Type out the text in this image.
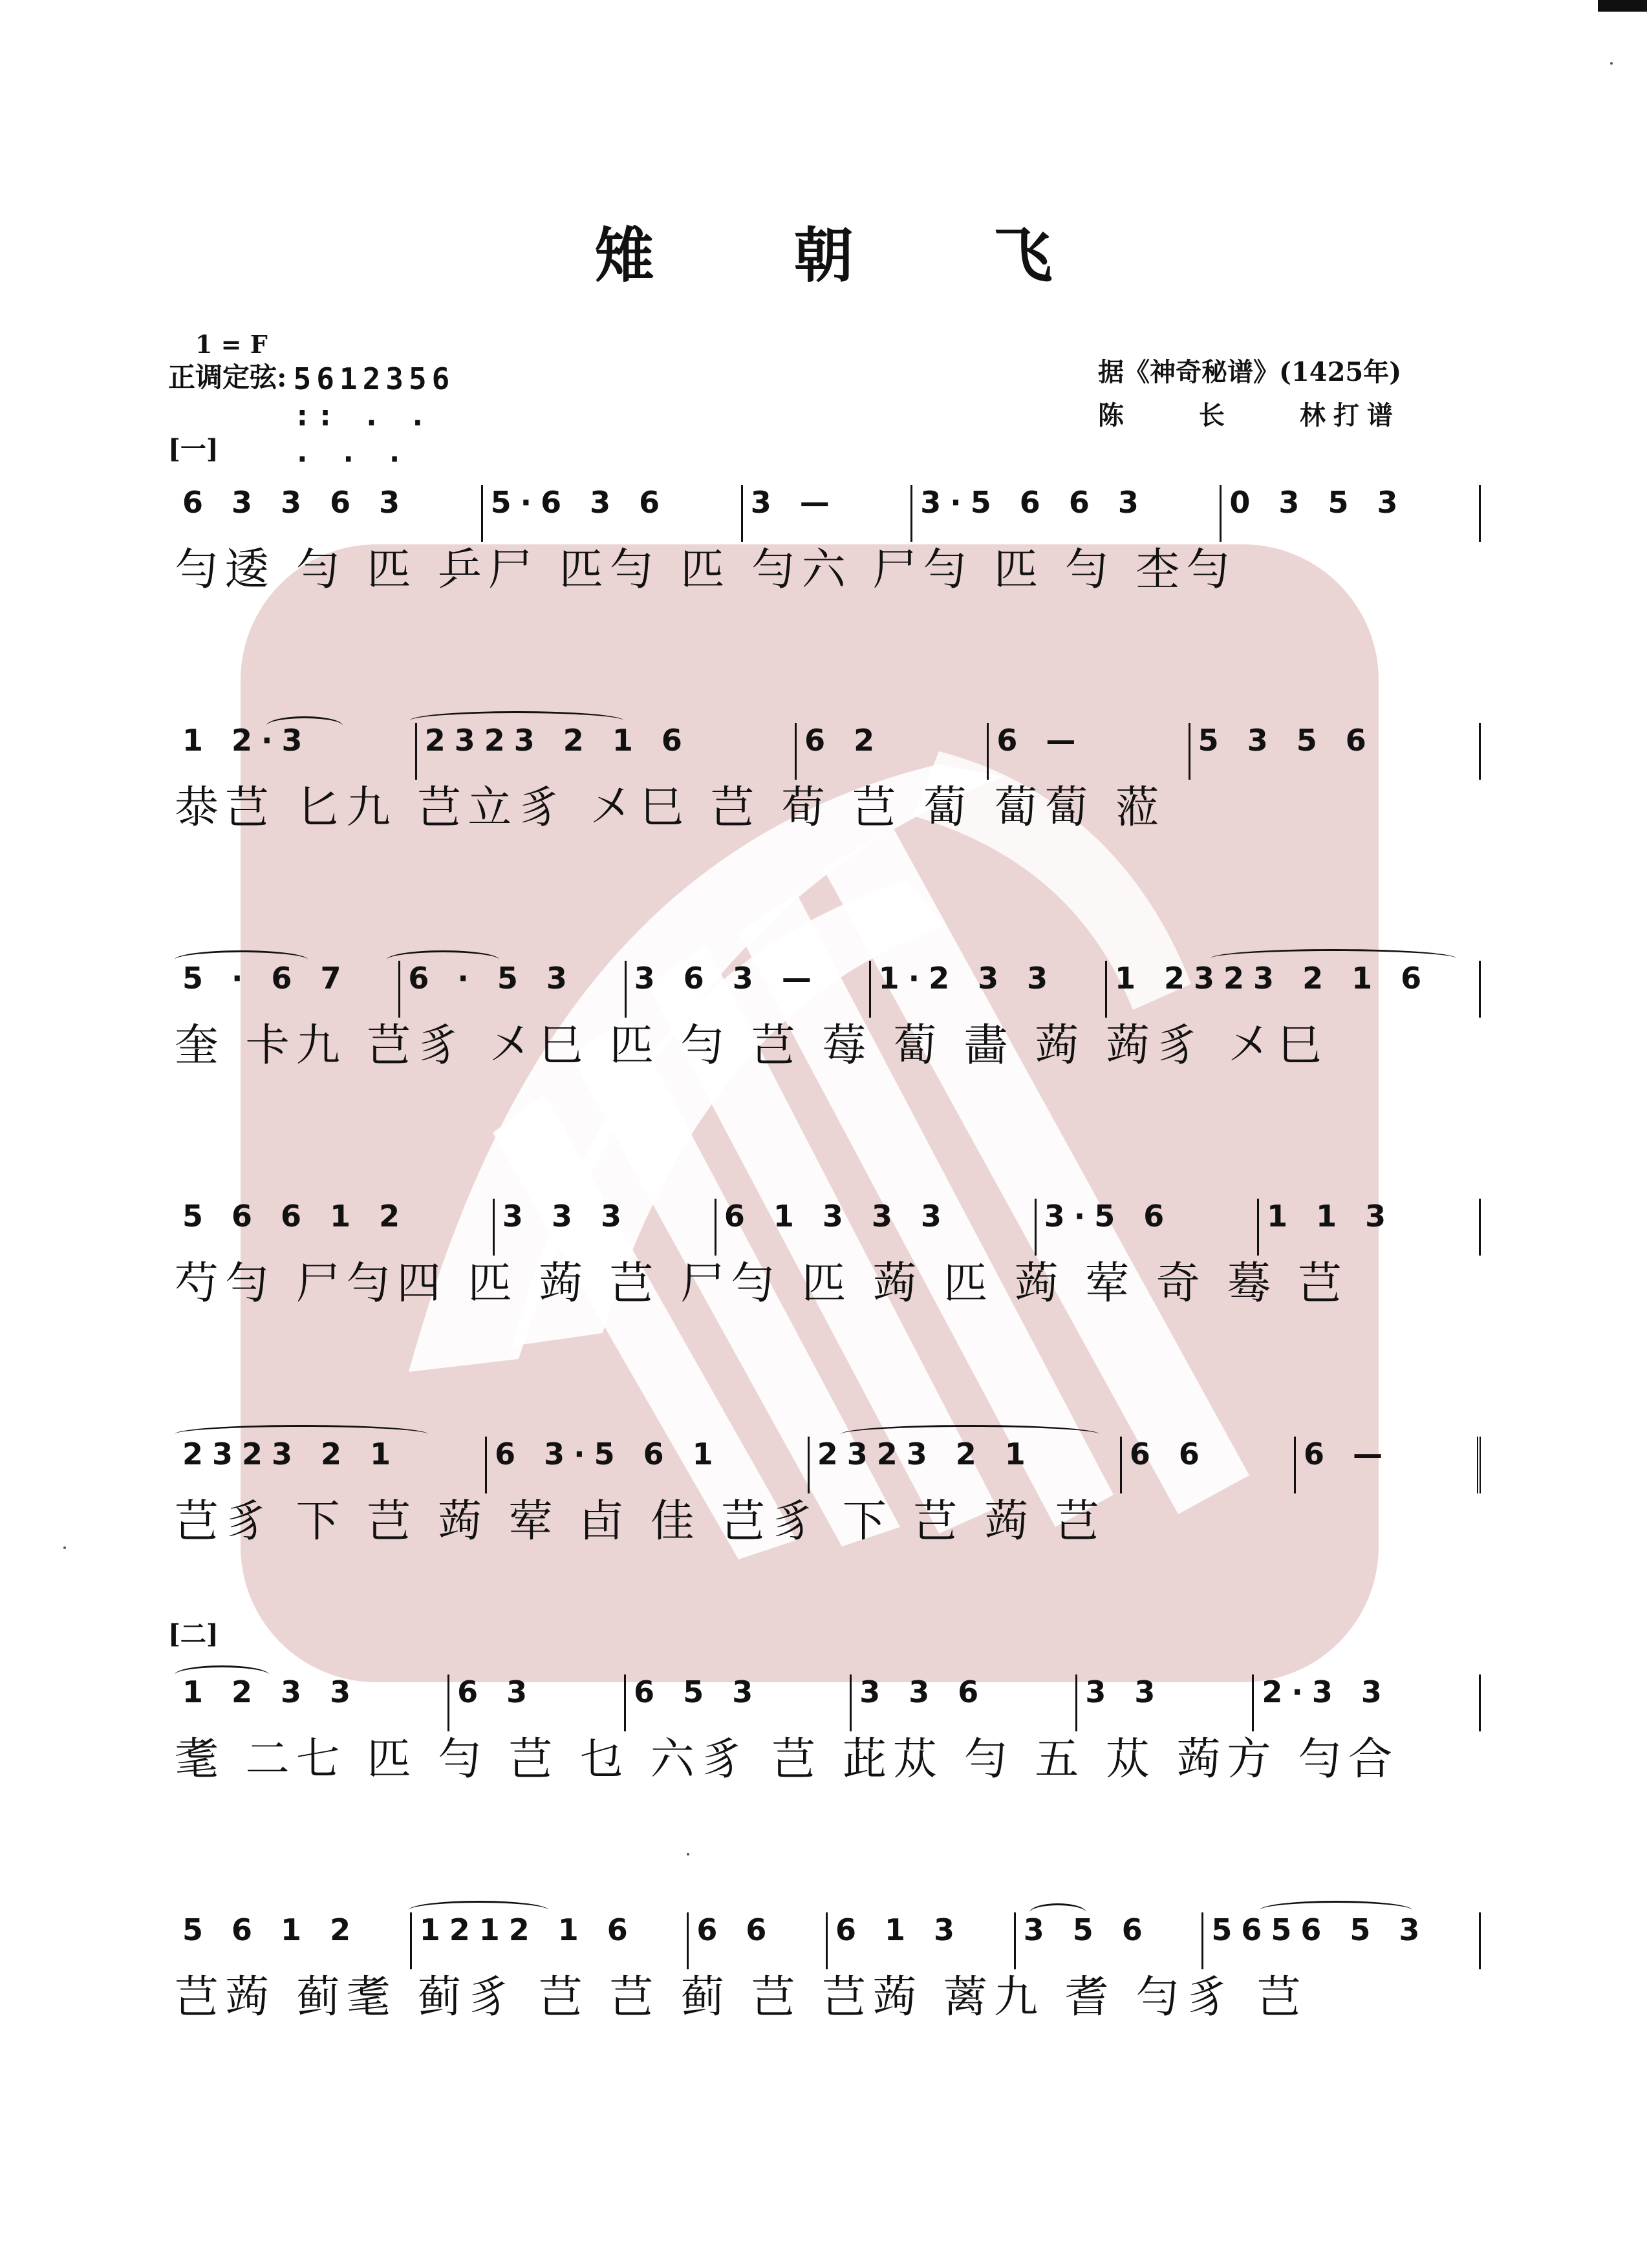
雉 朝 飞
1 = F
正调定弦: 5612356
:: . . . . .
据《神奇秘谱》(1425年)
陈 长 林打谱
[一]
[二]
6 3 3 6 3	5·6 3 6	3 —	3·5 6 6 3	0 3 5 3
勻逶 勻 匹 乒尸 匹勻 匹 勻六 尸勻 匹 勻 杢勻
1 2·3	2323 2 1 6	6 2	6 —	5 3 5 6
㳟芑 匕九 芑立豸 㐅巳 芑 荀 芑 蔔 蔔蔔 蒞
5 · 6 7	6 · 5 3	3 6 3 —	1·2 3 3	1 2323 2 1 6
奎 卡九 芑豸 㐅巳 匹 勻 芑 莓 蔔 畵 蒟 蒟豸 㐅巳
5 6 6 1 2	3 3 3	6 1 3 3 3	3·5 6	1 1 3
芍勻 尸勻四 匹 蒟 芑 尸勻 匹 蒟 匹 蒟 荤 奇 蓦 芑
2323 2 1	6 3·5 6 1	2323 2 1	6 6	6 —
芑豸 下 芑 蒟 荤 卣 佳 芑豸 下 芑 蒟 芑
1 2 3 3	6 3	6 5 3	3 3 6	3 3	2·3 3
耄 二七 匹 勻 芑 乜 六豸 芑 茈苁 勻 五 苁 蒟方 勻合
5 6 1 2	1212 1 6	6 6	6 1 3	3 5 6	5656 5 3
芑蒟 蓟耄 蓟豸 芑 芑 蓟 芑 芑蒟 蓠九 耆 勻豸 芑
